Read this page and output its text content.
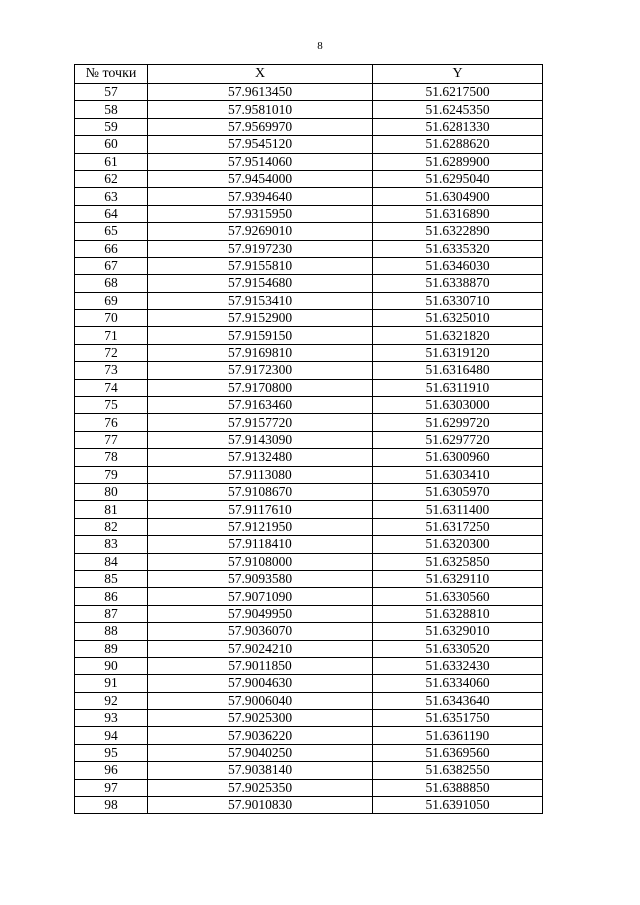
8
№ точки	X	Y
57	57.9613450	51.6217500
58	57.9581010	51.6245350
59	57.9569970	51.6281330
60	57.9545120	51.6288620
61	57.9514060	51.6289900
62	57.9454000	51.6295040
63	57.9394640	51.6304900
64	57.9315950	51.6316890
65	57.9269010	51.6322890
66	57.9197230	51.6335320
67	57.9155810	51.6346030
68	57.9154680	51.6338870
69	57.9153410	51.6330710
70	57.9152900	51.6325010
71	57.9159150	51.6321820
72	57.9169810	51.6319120
73	57.9172300	51.6316480
74	57.9170800	51.6311910
75	57.9163460	51.6303000
76	57.9157720	51.6299720
77	57.9143090	51.6297720
78	57.9132480	51.6300960
79	57.9113080	51.6303410
80	57.9108670	51.6305970
81	57.9117610	51.6311400
82	57.9121950	51.6317250
83	57.9118410	51.6320300
84	57.9108000	51.6325850
85	57.9093580	51.6329110
86	57.9071090	51.6330560
87	57.9049950	51.6328810
88	57.9036070	51.6329010
89	57.9024210	51.6330520
90	57.9011850	51.6332430
91	57.9004630	51.6334060
92	57.9006040	51.6343640
93	57.9025300	51.6351750
94	57.9036220	51.6361190
95	57.9040250	51.6369560
96	57.9038140	51.6382550
97	57.9025350	51.6388850
98	57.9010830	51.6391050
